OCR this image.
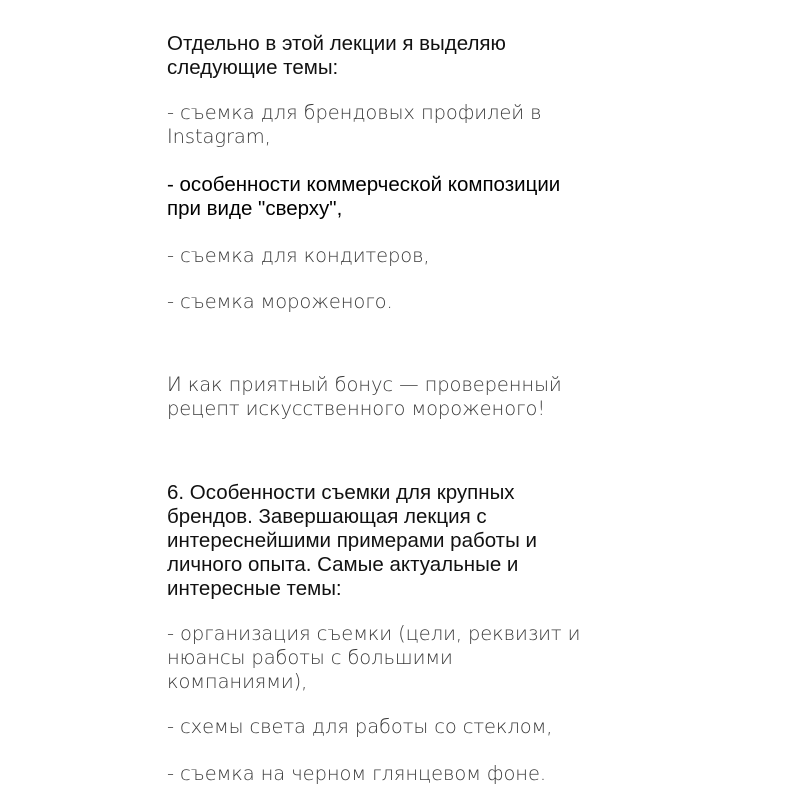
Отдельно в этой лекции я выделяю
следующие темы:

- съемка для брендовых профилей в
Instagram,

- особенности коммерческой композиции
при виде "сверху",

- съемка для кондитеров,

- съемка мороженого.

И как приятный бонус — проверенный
рецепт искусственного мороженого!

6. Особенности съемки для крупных
брендов. Завершающая лекция с
интереснейшими примерами работы и
личного опыта. Самые актуальные и
интересные темы:

- организация съемки (цели, реквизит и
нюансы работы с большими
компаниями),

- схемы света для работы со стеклом,

- съемка на черном глянцевом фоне.
